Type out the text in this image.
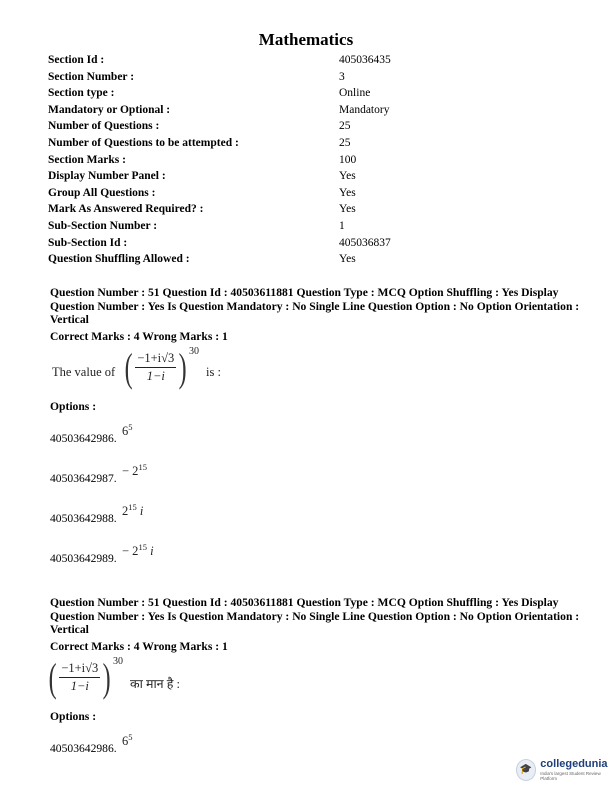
Mathematics
Section Id :	405036435
Section Number :	3
Section type :	Online
Mandatory or Optional :	Mandatory
Number of Questions :	25
Number of Questions to be attempted :	25
Section Marks :	100
Display Number Panel :	Yes
Group All Questions :	Yes
Mark As Answered Required? :	Yes
Sub-Section Number :	1
Sub-Section Id :	405036837
Question Shuffling Allowed :	Yes
Question Number : 51 Question Id : 40503611881 Question Type : MCQ Option Shuffling : Yes Display Question Number : Yes Is Question Mandatory : No Single Line Question Option : No Option Orientation : Vertical
Correct Marks : 4 Wrong Marks : 1
The value of ( $\frac{-1+i√3}{1-i}$ ) 30
is :
Options :
40503642986.
$6^5$
40503642987.
− $2^{15}$
40503642988.
$2^{15}$ i
40503642989.
− $2^{15}$ i
Question Number : 51 Question Id : 40503611881 Question Type : MCQ Option Shuffling : Yes Display Question Number : Yes Is Question Mandatory : No Single Line Question Option : No Option Orientation : Vertical
Correct Marks : 4 Wrong Marks : 1
( $\frac{-1+i√3}{1-i}$ ) 30
का मान है :
Options :
40503642986.
$6^5$
🎓 collegedunia
India's largest Student Review Platform
